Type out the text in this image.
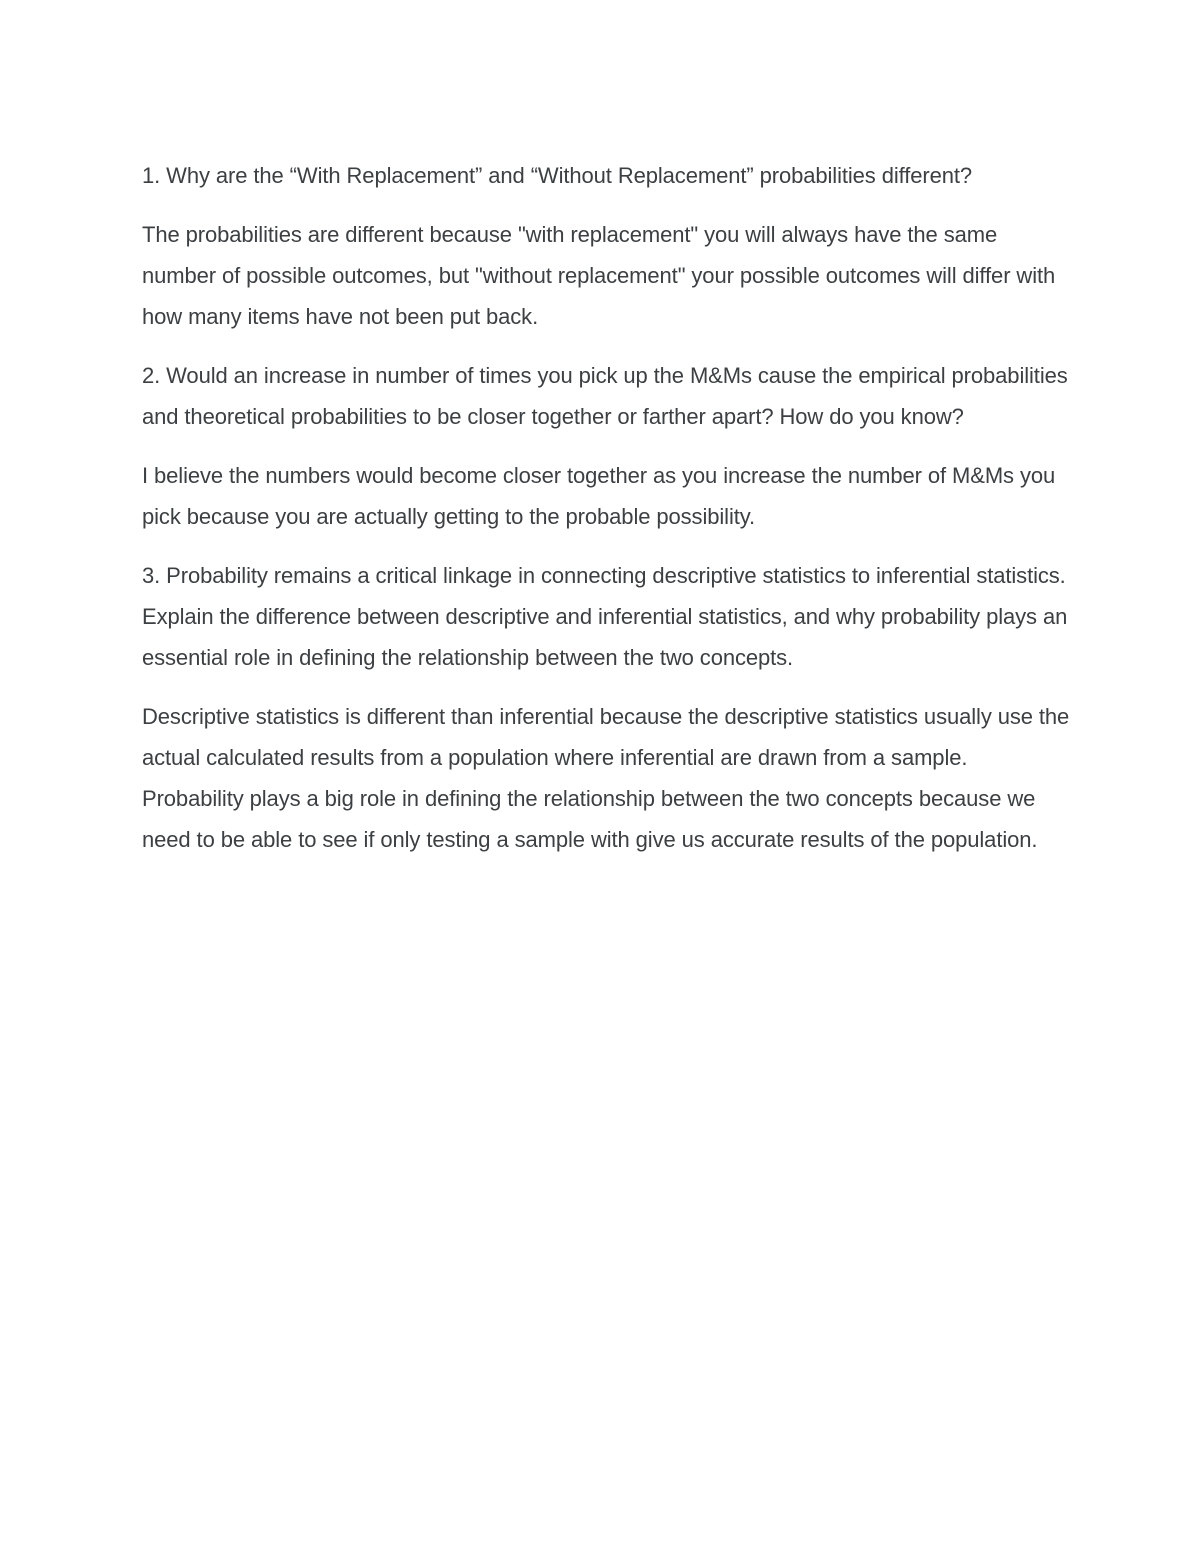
1. Why are the “With Replacement” and “Without Replacement” probabilities different?

The probabilities are different because "with replacement" you will always have the same number of possible outcomes, but "without replacement" your possible outcomes will differ with how many items have not been put back.

2. Would an increase in number of times you pick up the M&Ms cause the empirical probabilities and theoretical probabilities to be closer together or farther apart? How do you know?

I believe the numbers would become closer together as you increase the number of M&Ms you pick because you are actually getting to the probable possibility.

3. Probability remains a critical linkage in connecting descriptive statistics to inferential statistics. Explain the difference between descriptive and inferential statistics, and why probability plays an essential role in defining the relationship between the two concepts.

Descriptive statistics is different than inferential because the descriptive statistics usually use the actual calculated results from a population where inferential are drawn from a sample. Probability plays a big role in defining the relationship between the two concepts because we need to be able to see if only testing a sample with give us accurate results of the population.
